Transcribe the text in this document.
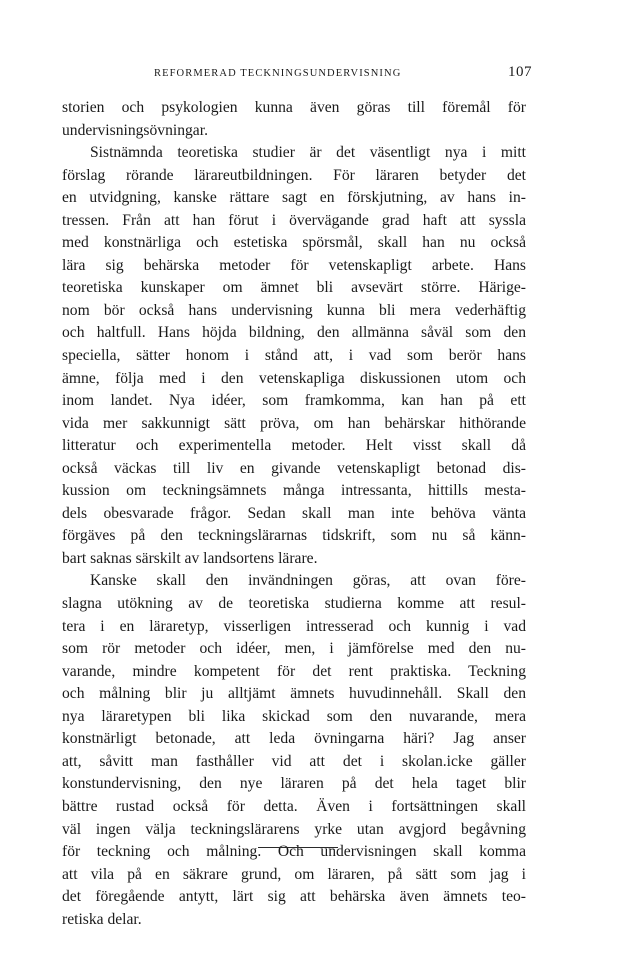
REFORMERAD TECKNINGSUNDERVISNING	107
storien och psykologien kunna även göras till föremål för
undervisningsövningar.
Sistnämnda teoretiska studier är det väsentligt nya i mitt
förslag rörande lärareutbildningen. För läraren betyder det
en utvidgning, kanske rättare sagt en förskjutning, av hans in-
tressen. Från att han förut i övervägande grad haft att syssla
med konstnärliga och estetiska spörsmål, skall han nu också
lära sig behärska metoder för vetenskapligt arbete. Hans
teoretiska kunskaper om ämnet bli avsevärt större. Härige-
nom bör också hans undervisning kunna bli mera vederhäftig
och haltfull. Hans höjda bildning, den allmänna såväl som den
speciella, sätter honom i stånd att, i vad som berör hans
ämne, följa med i den vetenskapliga diskussionen utom och
inom landet. Nya idéer, som framkomma, kan han på ett
vida mer sakkunnigt sätt pröva, om han behärskar hithörande
litteratur och experimentella metoder. Helt visst skall då
också väckas till liv en givande vetenskapligt betonad dis-
kussion om teckningsämnets många intressanta, hittills mesta-
dels obesvarade frågor. Sedan skall man inte behöva vänta
förgäves på den teckningslärarnas tidskrift, som nu så känn-
bart saknas särskilt av landsortens lärare.
Kanske skall den invändningen göras, att ovan före-
slagna utökning av de teoretiska studierna komme att resul-
tera i en läraretyp, visserligen intresserad och kunnig i vad
som rör metoder och idéer, men, i jämförelse med den nu-
varande, mindre kompetent för det rent praktiska. Teckning
och målning blir ju alltjämt ämnets huvudinnehåll. Skall den
nya läraretypen bli lika skickad som den nuvarande, mera
konstnärligt betonade, att leda övningarna häri? Jag anser
att, såvitt man fasthåller vid att det i skolan.icke gäller
konstundervisning, den nye läraren på det hela taget blir
bättre rustad också för detta. Även i fortsättningen skall
väl ingen välja teckningslärarens yrke utan avgjord begåvning
för teckning och målning. Och undervisningen skall komma
att vila på en säkrare grund, om läraren, på sätt som jag i
det föregående antytt, lärt sig att behärska även ämnets teo-
retiska delar.
